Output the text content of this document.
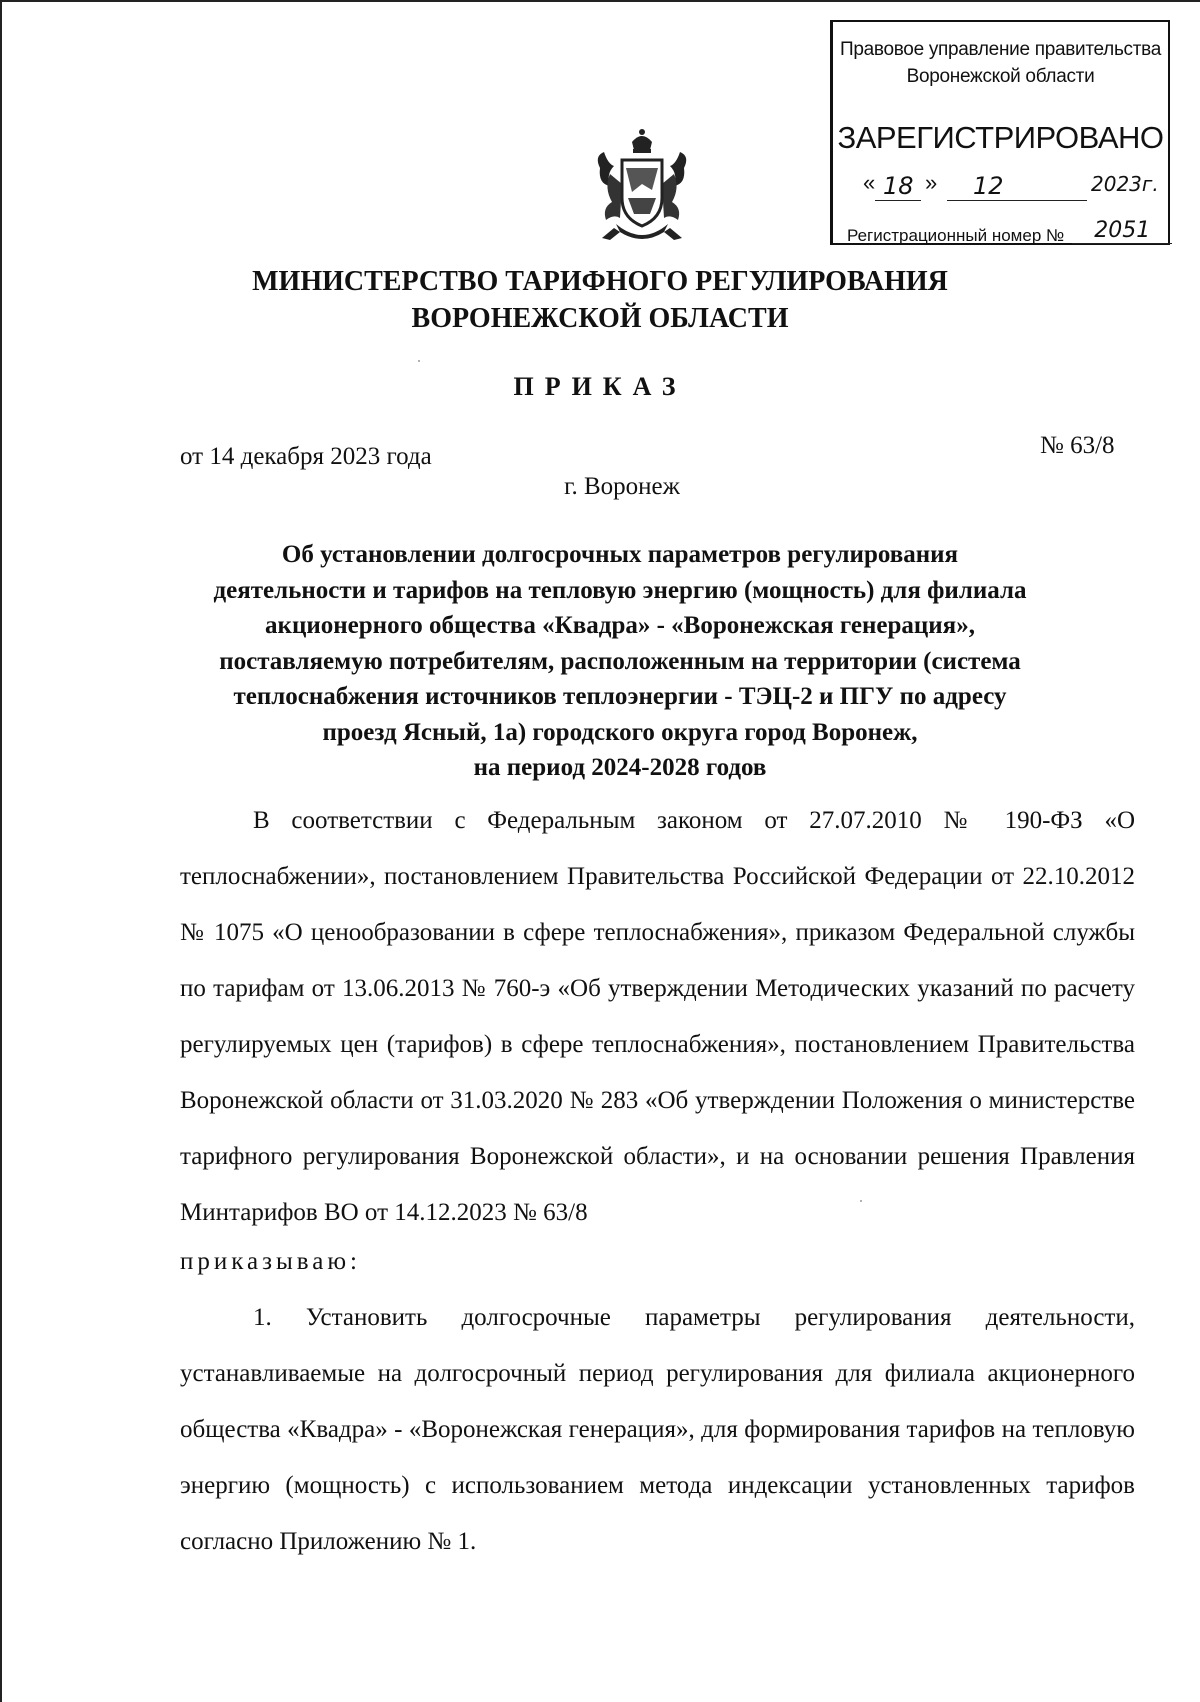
Правовое управление правительства
Воронежской области
ЗАРЕГИСТРИРОВАНО
« 18 » 12	2023г.
Регистрационный номер № 2051
МИНИСТЕРСТВО ТАРИФНОГО РЕГУЛИРОВАНИЯ
ВОРОНЕЖСКОЙ ОБЛАСТИ
ПРИКАЗ
от 14 декабря 2023 года	№ 63/8
г. Воронеж
Об установлении долгосрочных параметров регулирования
деятельности и тарифов на тепловую энергию (мощность) для филиала
акционерного общества «Квадра» - «Воронежская генерация»,
поставляемую потребителям, расположенным на территории (система
теплоснабжения источников теплоэнергии - ТЭЦ-2 и ПГУ по адресу
проезд Ясный, 1а) городского округа город Воронеж,
на период 2024-2028 годов

В соответствии с Федеральным законом от 27.07.2010 № 190-ФЗ «О теплоснабжении», постановлением Правительства Российской Федерации от 22.10.2012 № 1075 «О ценообразовании в сфере теплоснабжения», приказом Федеральной службы по тарифам от 13.06.2013 № 760-э «Об утверждении Методических указаний по расчету регулируемых цен (тарифов) в сфере теплоснабжения», постановлением Правительства Воронежской области от 31.03.2020 № 283 «Об утверждении Положения о министерстве тарифного регулирования Воронежской области», и на основании решения Правления Минтарифов ВО от 14.12.2023 № 63/8

приказываю:

1. Установить долгосрочные параметры регулирования деятельности, устанавливаемые на долгосрочный период регулирования для филиала акционерного общества «Квадра» - «Воронежская генерация», для формирования тарифов на тепловую энергию (мощность) с использованием метода индексации установленных тарифов согласно Приложению № 1.
